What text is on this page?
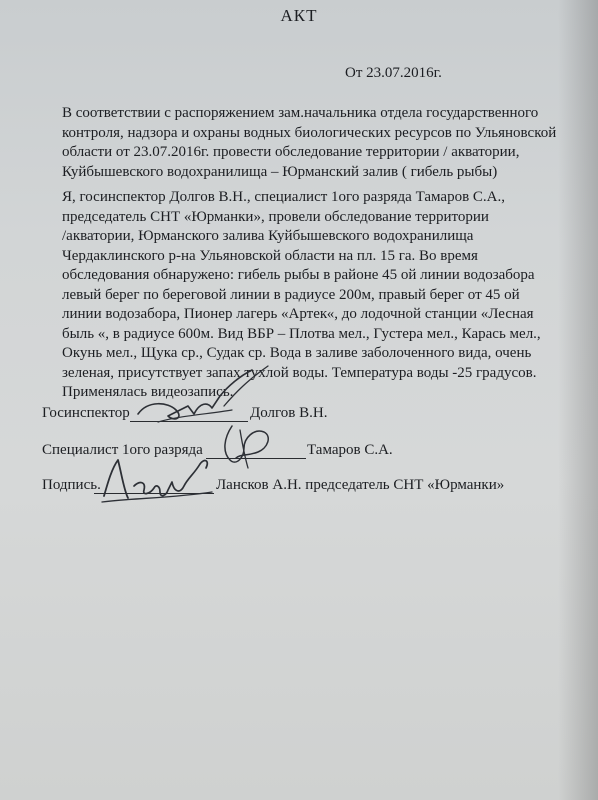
АКТ

От 23.07.2016г.

В соответствии с распоряжением зам.начальника отдела государственного
контроля, надзора и охраны водных биологических ресурсов по Ульяновской
области от 23.07.2016г. провести обследование территории / акватории,
Куйбышевского водохранилища – Юрманский залив ( гибель рыбы)
Я, госинспектор Долгов В.Н., специалист 1ого разряда Тамаров С.А.,
председатель СНТ «Юрманки», провели обследование территории
/акватории, Юрманского залива Куйбышевского водохранилища
Чердаклинского р-на Ульяновской области на пл. 15 га. Во время
обследования обнаружено: гибель рыбы в районе 45 ой линии водозабора
левый берег по береговой линии в радиусе 200м, правый берег от 45 ой
линии водозабора, Пионер лагерь «Артек«, до лодочной станции «Лесная
быль «, в радиусе 600м. Вид ВБР – Плотва мел., Густера мел., Карась мел.,
Окунь мел., Щука ср., Судак ср. Вода в заливе заболоченного вида, очень
зеленая, присутствует запах тухлой воды. Температура воды -25 градусов.
Применялась видеозапись.

Госинспектор	Долгов В.Н.

Специалист 1ого разряда	Тамаров С.А.

Подпись.	Лансков А.Н. председатель СНТ «Юрманки»
